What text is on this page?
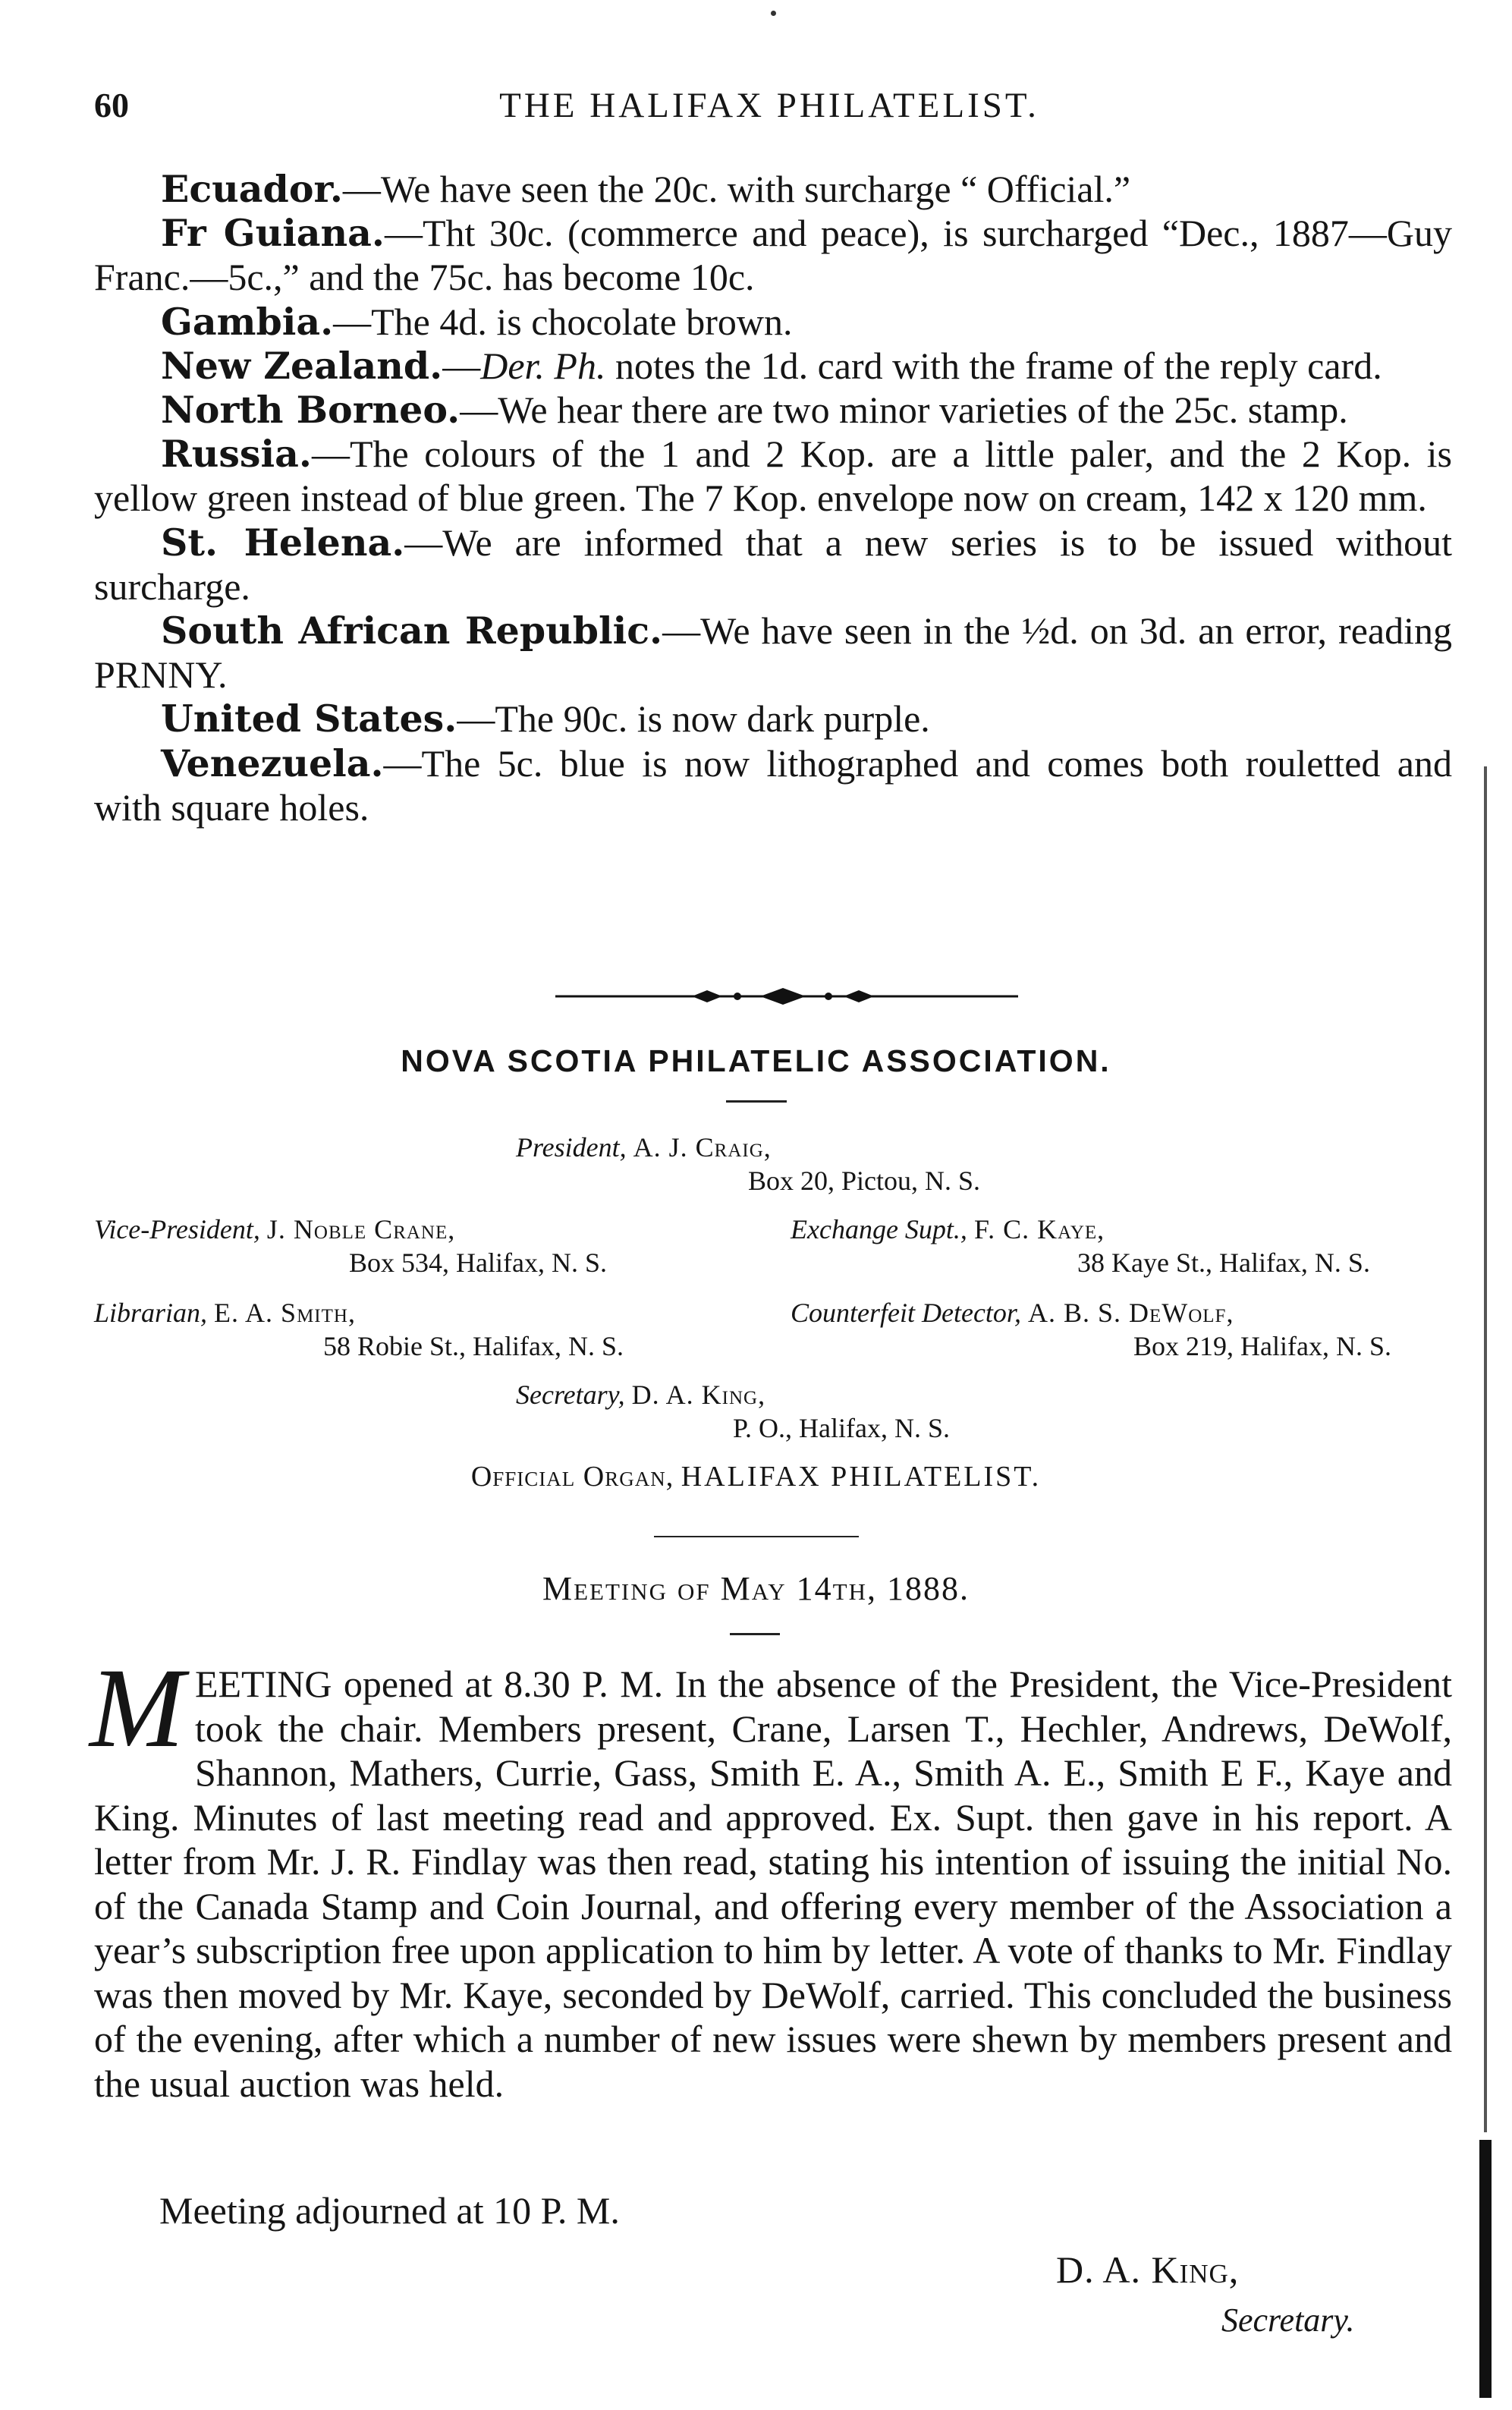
60	THE HALIFAX PHILATELIST.

Ecuador.—We have seen the 20c. with surcharge “ Official.”

Fr Guiana.—Tht 30c. (commerce and peace), is surcharged “Dec., 1887—Guy Franc.—5c.,” and the 75c. has become 10c.

Gambia.—The 4d. is chocolate brown.

New Zealand.—Der. Ph. notes the 1d. card with the frame of the reply card.

North Borneo.—We hear there are two minor varieties of the 25c. stamp.

Russia.—The colours of the 1 and 2 Kop. are a little paler, and the 2 Kop. is yellow green instead of blue green. The 7 Kop. envelope now on cream, 142 x 120 mm.

St. Helena.—We are informed that a new series is to be issued without surcharge.

South African Republic.—We have seen in the ½d. on 3d. an error, reading PRNNY.

United States.—The 90c. is now dark purple.

Venezuela.—The 5c. blue is now lithographed and comes both rouletted and with square holes.

NOVA SCOTIA PHILATELIC ASSOCIATION.
President, A. J. Craig,
Box 20, Pictou, N. S.
Vice-President, J. Noble Crane,
Box 534, Halifax, N. S.
Exchange Supt., F. C. Kaye,
38 Kaye St., Halifax, N. S.
Librarian, E. A. Smith,
58 Robie St., Halifax, N. S.
Counterfeit Detector, A. B. S. DeWolf,
Box 219, Halifax, N. S.
Secretary, D. A. King,
P. O., Halifax, N. S.
Official Organ, HALIFAX PHILATELIST.
Meeting of May 14th, 1888.

MEETING opened at 8.30 P. M. In the absence of the President, the Vice-President took the chair. Members present, Crane, Larsen T., Hechler, Andrews, DeWolf, Shannon, Mathers, Currie, Gass, Smith E. A., Smith A. E., Smith E F., Kaye and King. Minutes of last meeting read and approved. Ex. Supt. then gave in his report. A letter from Mr. J. R. Findlay was then read, stating his intention of issuing the initial No. of the Canada Stamp and Coin Journal, and offering every member of the Association a year’s subscription free upon application to him by letter. A vote of thanks to Mr. Findlay was then moved by Mr. Kaye, seconded by DeWolf, carried. This concluded the business of the evening, after which a number of new issues were shewn by members present and the usual auction was held.

Meeting adjourned at 10 P. M.
D. A. King,
Secretary.
